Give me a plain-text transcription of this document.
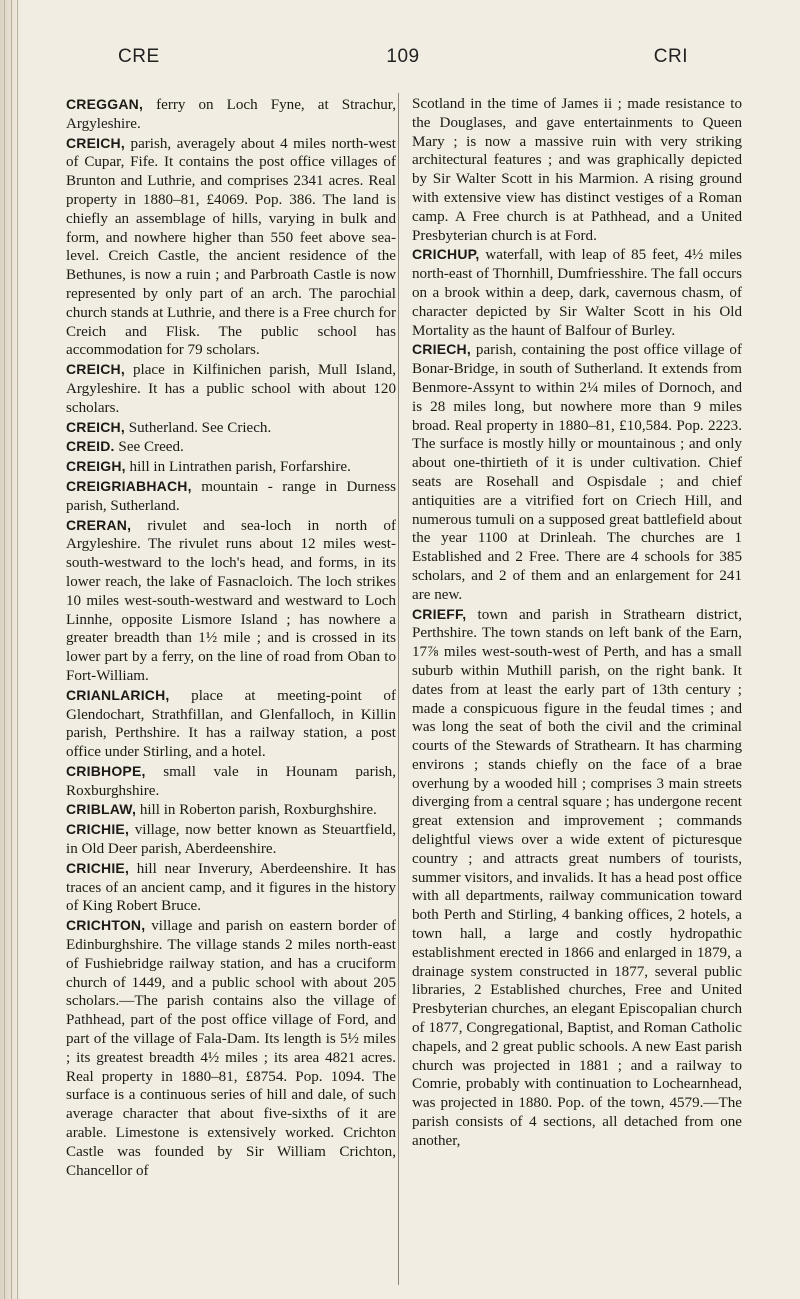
CRE	109	CRI

CREGGAN, ferry on Loch Fyne, at Strachur, Argyleshire.

CREICH, parish, averagely about 4 miles north-west of Cupar, Fife. It contains the post office villages of Brunton and Luthrie, and comprises 2341 acres. Real property in 1880–81, £4069. Pop. 386. The land is chiefly an assemblage of hills, varying in bulk and form, and nowhere higher than 550 feet above sea-level. Creich Castle, the ancient residence of the Bethunes, is now a ruin ; and Parbroath Castle is now represented by only part of an arch. The parochial church stands at Luthrie, and there is a Free church for Creich and Flisk. The public school has accommodation for 79 scholars.

CREICH, place in Kilfinichen parish, Mull Island, Argyleshire. It has a public school with about 120 scholars.

CREICH, Sutherland. See Criech.

CREID. See Creed.

CREIGH, hill in Lintrathen parish, Forfarshire.

CREIGRIABHACH, mountain - range in Durness parish, Sutherland.

CRERAN, rivulet and sea-loch in north of Argyleshire. The rivulet runs about 12 miles west-south-westward to the loch's head, and forms, in its lower reach, the lake of Fasnacloich. The loch strikes 10 miles west-south-westward and westward to Loch Linnhe, opposite Lismore Island ; has nowhere a greater breadth than 1½ mile ; and is crossed in its lower part by a ferry, on the line of road from Oban to Fort-William.

CRIANLARICH, place at meeting-point of Glendochart, Strathfillan, and Glenfalloch, in Killin parish, Perthshire. It has a railway station, a post office under Stirling, and a hotel.

CRIBHOPE, small vale in Hounam parish, Roxburghshire.

CRIBLAW, hill in Roberton parish, Roxburghshire.

CRICHIE, village, now better known as Steuartfield, in Old Deer parish, Aberdeenshire.

CRICHIE, hill near Inverury, Aberdeenshire. It has traces of an ancient camp, and it figures in the history of King Robert Bruce.

CRICHTON, village and parish on eastern border of Edinburghshire. The village stands 2 miles north-east of Fushiebridge railway station, and has a cruciform church of 1449, and a public school with about 205 scholars.—The parish contains also the village of Pathhead, part of the post office village of Ford, and part of the village of Fala-Dam. Its length is 5½ miles ; its greatest breadth 4½ miles ; its area 4821 acres. Real property in 1880–81, £8754. Pop. 1094. The surface is a continuous series of hill and dale, of such average character that about five-sixths of it are arable. Limestone is extensively worked. Crichton Castle was founded by Sir William Crichton, Chancellor of

Scotland in the time of James ii ; made resistance to the Douglases, and gave entertainments to Queen Mary ; is now a massive ruin with very striking architectural features ; and was graphically depicted by Sir Walter Scott in his Marmion. A rising ground with extensive view has distinct vestiges of a Roman camp. A Free church is at Pathhead, and a United Presbyterian church is at Ford.

CRICHUP, waterfall, with leap of 85 feet, 4½ miles north-east of Thornhill, Dumfriesshire. The fall occurs on a brook within a deep, dark, cavernous chasm, of character depicted by Sir Walter Scott in his Old Mortality as the haunt of Balfour of Burley.

CRIECH, parish, containing the post office village of Bonar-Bridge, in south of Sutherland. It extends from Benmore-Assynt to within 2¼ miles of Dornoch, and is 28 miles long, but nowhere more than 9 miles broad. Real property in 1880–81, £10,584. Pop. 2223. The surface is mostly hilly or mountainous ; and only about one-thirtieth of it is under cultivation. Chief seats are Rosehall and Ospisdale ; and chief antiquities are a vitrified fort on Criech Hill, and numerous tumuli on a supposed great battlefield about the year 1100 at Drinleah. The churches are 1 Established and 2 Free. There are 4 schools for 385 scholars, and 2 of them and an enlargement for 241 are new.

CRIEFF, town and parish in Strathearn district, Perthshire. The town stands on left bank of the Earn, 17⅞ miles west-south-west of Perth, and has a small suburb within Muthill parish, on the right bank. It dates from at least the early part of 13th century ; made a conspicuous figure in the feudal times ; and was long the seat of both the civil and the criminal courts of the Stewards of Strathearn. It has charming environs ; stands chiefly on the face of a brae overhung by a wooded hill ; comprises 3 main streets diverging from a central square ; has undergone recent great extension and improvement ; commands delightful views over a wide extent of picturesque country ; and attracts great numbers of tourists, summer visitors, and invalids. It has a head post office with all departments, railway communication toward both Perth and Stirling, 4 banking offices, 2 hotels, a town hall, a large and costly hydropathic establishment erected in 1866 and enlarged in 1879, a drainage system constructed in 1877, several public libraries, 2 Established churches, Free and United Presbyterian churches, an elegant Episcopalian church of 1877, Congregational, Baptist, and Roman Catholic chapels, and 2 great public schools. A new East parish church was projected in 1881 ; and a railway to Comrie, probably with continuation to Lochearnhead, was projected in 1880. Pop. of the town, 4579.—The parish consists of 4 sections, all detached from one another,
